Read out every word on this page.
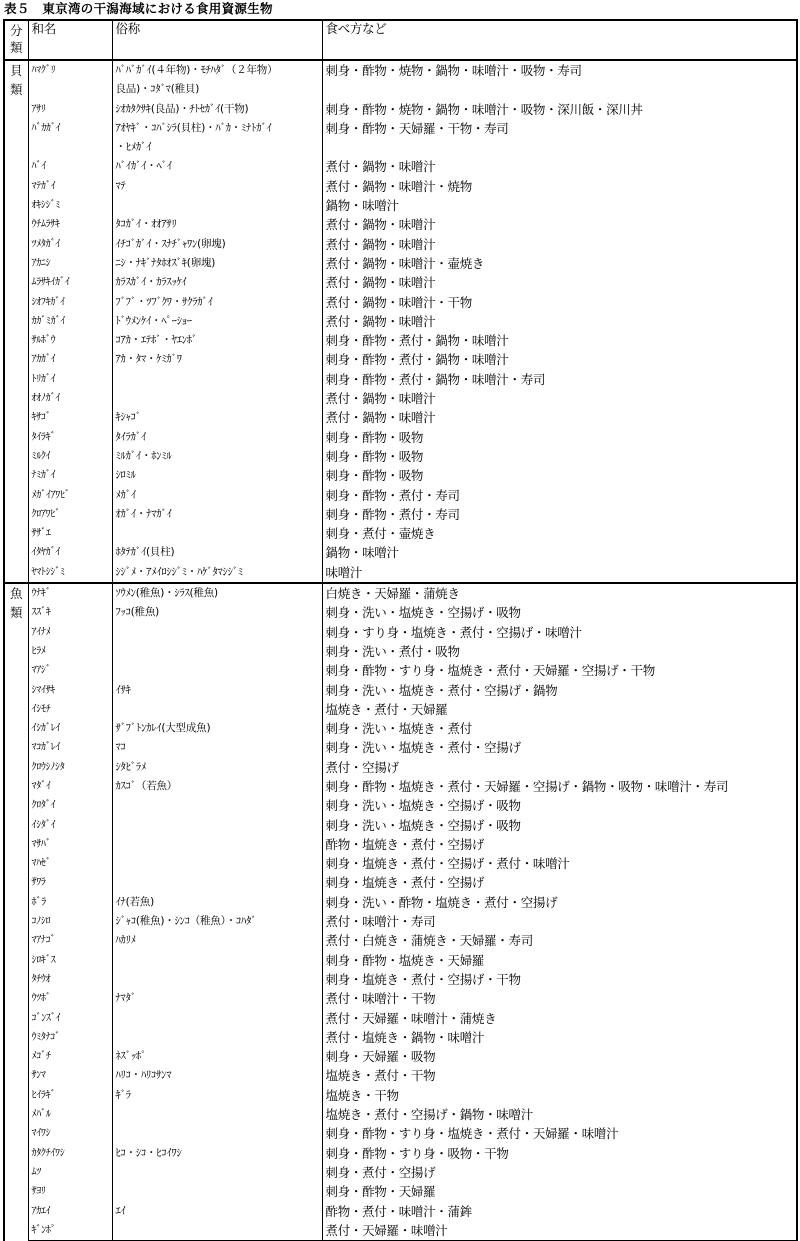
表５　東京湾の干潟海域における食用資源生物
分類	和名	俗称	食べ方など
貝類	ﾊﾏｸﾞﾘ	ﾊﾞﾊﾞｶﾞｲ(４年物)・ﾓﾁﾊﾀﾞ（２年物）	刺身・酢物・焼物・鍋物・味噌汁・吸物・寿司
		良品)・ｺﾀﾞﾏ(稚貝)	
	ｱｻﾘ	ｼｵｶﾀｸｻｷ(良品)・ﾁﾄｾｶﾞｲ(干物)	刺身・酢物・焼物・鍋物・味噌汁・吸物・深川飯・深川丼
	ﾊﾞｶｶﾞｲ	ｱｵﾔｷﾞ・ｺﾊﾞｼﾗ(貝柱)・ﾊﾞｶ・ﾐﾅﾄｶﾞｲ	刺身・酢物・天婦羅・干物・寿司
		・ﾋﾒｶﾞｲ	
	ﾊﾞｲ	ﾊﾞｲｶﾞｲ・ﾍﾞｲ	煮付・鍋物・味噌汁
	ﾏﾃｶﾞｲ	ﾏﾃ	煮付・鍋物・味噌汁・焼物
	ｵｷｼｼﾞﾐ		鍋物・味噌汁
	ｳﾁﾑﾗｻｷ	ﾀｺｶﾞｲ・ｵｵｱｻﾘ	煮付・鍋物・味噌汁
	ﾂﾒﾀｶﾞｲ	ｲﾁｺﾞｶﾞｲ・ｽﾅﾁﾞｬﾜﾝ(卵塊)	煮付・鍋物・味噌汁
	ｱｶﾆｼ	ﾆｼ・ﾅｷﾞﾅﾀﾎｵｽﾞｷ(卵塊)	煮付・鍋物・味噌汁・壷焼き
	ﾑﾗｻｷｲｶﾞｲ	ｶﾗｽｶﾞｲ・ｶﾗｽｯｹｲ	煮付・鍋物・味噌汁
	ｼｵﾌｷｶﾞｲ	ﾌﾞﾌﾞ・ﾂﾌﾞｸﾜ・ｻｸﾗｶﾞｲ	煮付・鍋物・味噌汁・干物
	ｶｶﾞﾐｶﾞｲ	ﾄﾞｳﾒﾝｹｲ・ﾍﾟｰｼｮｰ	煮付・鍋物・味噌汁
	ｻﾙﾎﾞｳ	ｺｱｶ・ｴﾃﾎﾞ・ﾔｴﾝﾎﾞ	刺身・酢物・煮付・鍋物・味噌汁
	ｱｶｶﾞｲ	ｱｶ・ﾀﾏ・ｹﾐｶﾞﾜ	刺身・酢物・煮付・鍋物・味噌汁
	ﾄﾘｶﾞｲ		刺身・酢物・煮付・鍋物・味噌汁・寿司
	ｵｵﾉｶﾞｲ		煮付・鍋物・味噌汁
	ｷｻｺﾞ	ｷｼｬｺﾞ	煮付・鍋物・味噌汁
	ﾀｲﾗｷﾞ	ﾀｲﾗｶﾞｲ	刺身・酢物・吸物
	ﾐﾙｸｲ	ﾐﾙｶﾞｲ・ﾎﾝﾐﾙ	刺身・酢物・吸物
	ﾅﾐｶﾞｲ	ｼﾛﾐﾙ	刺身・酢物・吸物
	ﾒｶﾞｲｱﾜﾋﾞ	ﾒｶﾞｲ	刺身・酢物・煮付・寿司
	ｸﾛｱﾜﾋﾞ	ｵｶﾞｲ・ﾅﾏｶﾞｲ	刺身・酢物・煮付・寿司
	ｻｻﾞｴ		刺身・煮付・壷焼き
	ｲﾀﾔｶﾞｲ	ﾎﾀﾃｶﾞｲ(貝柱)	鍋物・味噌汁
	ﾔﾏﾄｼｼﾞﾐ	ｼｼﾞﾒ・ｱﾒｲﾛｼｼﾞﾐ・ﾊｹﾞﾀﾏｼｼﾞﾐ	味噌汁
魚類	ｳﾅｷﾞ	ｿｳﾒﾝ(稚魚)・ｼﾗｽ(稚魚)	白焼き・天婦羅・蒲焼き
	ｽｽﾞｷ	ﾌｯｺ(稚魚)	刺身・洗い・塩焼き・空揚げ・吸物
	ｱｲﾅﾒ		刺身・すり身・塩焼き・煮付・空揚げ・味噌汁
	ﾋﾗﾒ		刺身・洗い・煮付・吸物
	ﾏｱｼﾞ		刺身・酢物・すり身・塩焼き・煮付・天婦羅・空揚げ・干物
	ｼﾏｲｻｷ	ｲｻｷ	刺身・洗い・塩焼き・煮付・空揚げ・鍋物
	ｲｼﾓﾁ		塩焼き・煮付・天婦羅
	ｲｼｶﾞﾚｲ	ｻﾞﾌﾞﾄﾝｶﾚｲ(大型成魚)	刺身・洗い・塩焼き・煮付
	ﾏｺｶﾞﾚｲ	ﾏｺ	刺身・洗い・塩焼き・煮付・空揚げ
	ｸﾛｳｼﾉｼﾀ	ｼﾀﾋﾞﾗﾒ	煮付・空揚げ
	ﾏﾀﾞｲ	ｶｽｺﾞ（若魚）	刺身・酢物・塩焼き・煮付・天婦羅・空揚げ・鍋物・吸物・味噌汁・寿司
	ｸﾛﾀﾞｲ		刺身・洗い・塩焼き・空揚げ・吸物
	ｲｼﾀﾞｲ		刺身・洗い・塩焼き・空揚げ・吸物
	ﾏｻﾊﾞ		酢物・塩焼き・煮付・空揚げ
	ﾏﾊｾﾞ		刺身・塩焼き・煮付・空揚げ・煮付・味噌汁
	ｻﾜﾗ		刺身・塩焼き・煮付・空揚げ
	ﾎﾞﾗ	ｲﾅ(若魚)	刺身・洗い・酢物・塩焼き・煮付・空揚げ
	ｺﾉｼﾛ	ｼﾞｬｺ(稚魚)・ｼﾝｺ（稚魚）・ｺﾊﾀﾞ	煮付・味噌汁・寿司
	ﾏｱﾅｺﾞ	ﾊｶﾘﾒ	煮付・白焼き・蒲焼き・天婦羅・寿司
	ｼﾛｷﾞｽ		刺身・酢物・塩焼き・天婦羅
	ﾀﾁｳｵ		刺身・塩焼き・煮付・空揚げ・干物
	ｳﾂﾎﾞ	ﾅﾏﾀﾞ	煮付・味噌汁・干物
	ｺﾞﾝｽﾞｲ		煮付・天婦羅・味噌汁・蒲焼き
	ｳﾐﾀﾅｺﾞ		煮付・塩焼き・鍋物・味噌汁
	ﾒｺﾞﾁ	ﾈｽﾞｯﾎﾟ	刺身・天婦羅・吸物
	ｻﾝﾏ	ﾊﾘｺ・ﾊﾘｺｻﾝﾏ	塩焼き・煮付・干物
	ﾋｲﾗｷﾞ	ｷﾞﾗ	塩焼き・干物
	ﾒﾊﾞﾙ		塩焼き・煮付・空揚げ・鍋物・味噌汁
	ﾏｲﾜｼ		刺身・酢物・すり身・塩焼き・煮付・天婦羅・味噌汁
	ｶﾀｸﾁｲﾜｼ	ﾋｺ・ｼｺ・ﾋｺｲﾜｼ	刺身・酢物・すり身・吸物・干物
	ﾑﾂ		刺身・煮付・空揚げ
	ｻﾖﾘ		刺身・酢物・天婦羅
	ｱｶｴｲ	ｴｲ	酢物・煮付・味噌汁・蒲鉾
	ｷﾞﾝﾎﾟ		煮付・天婦羅・味噌汁
